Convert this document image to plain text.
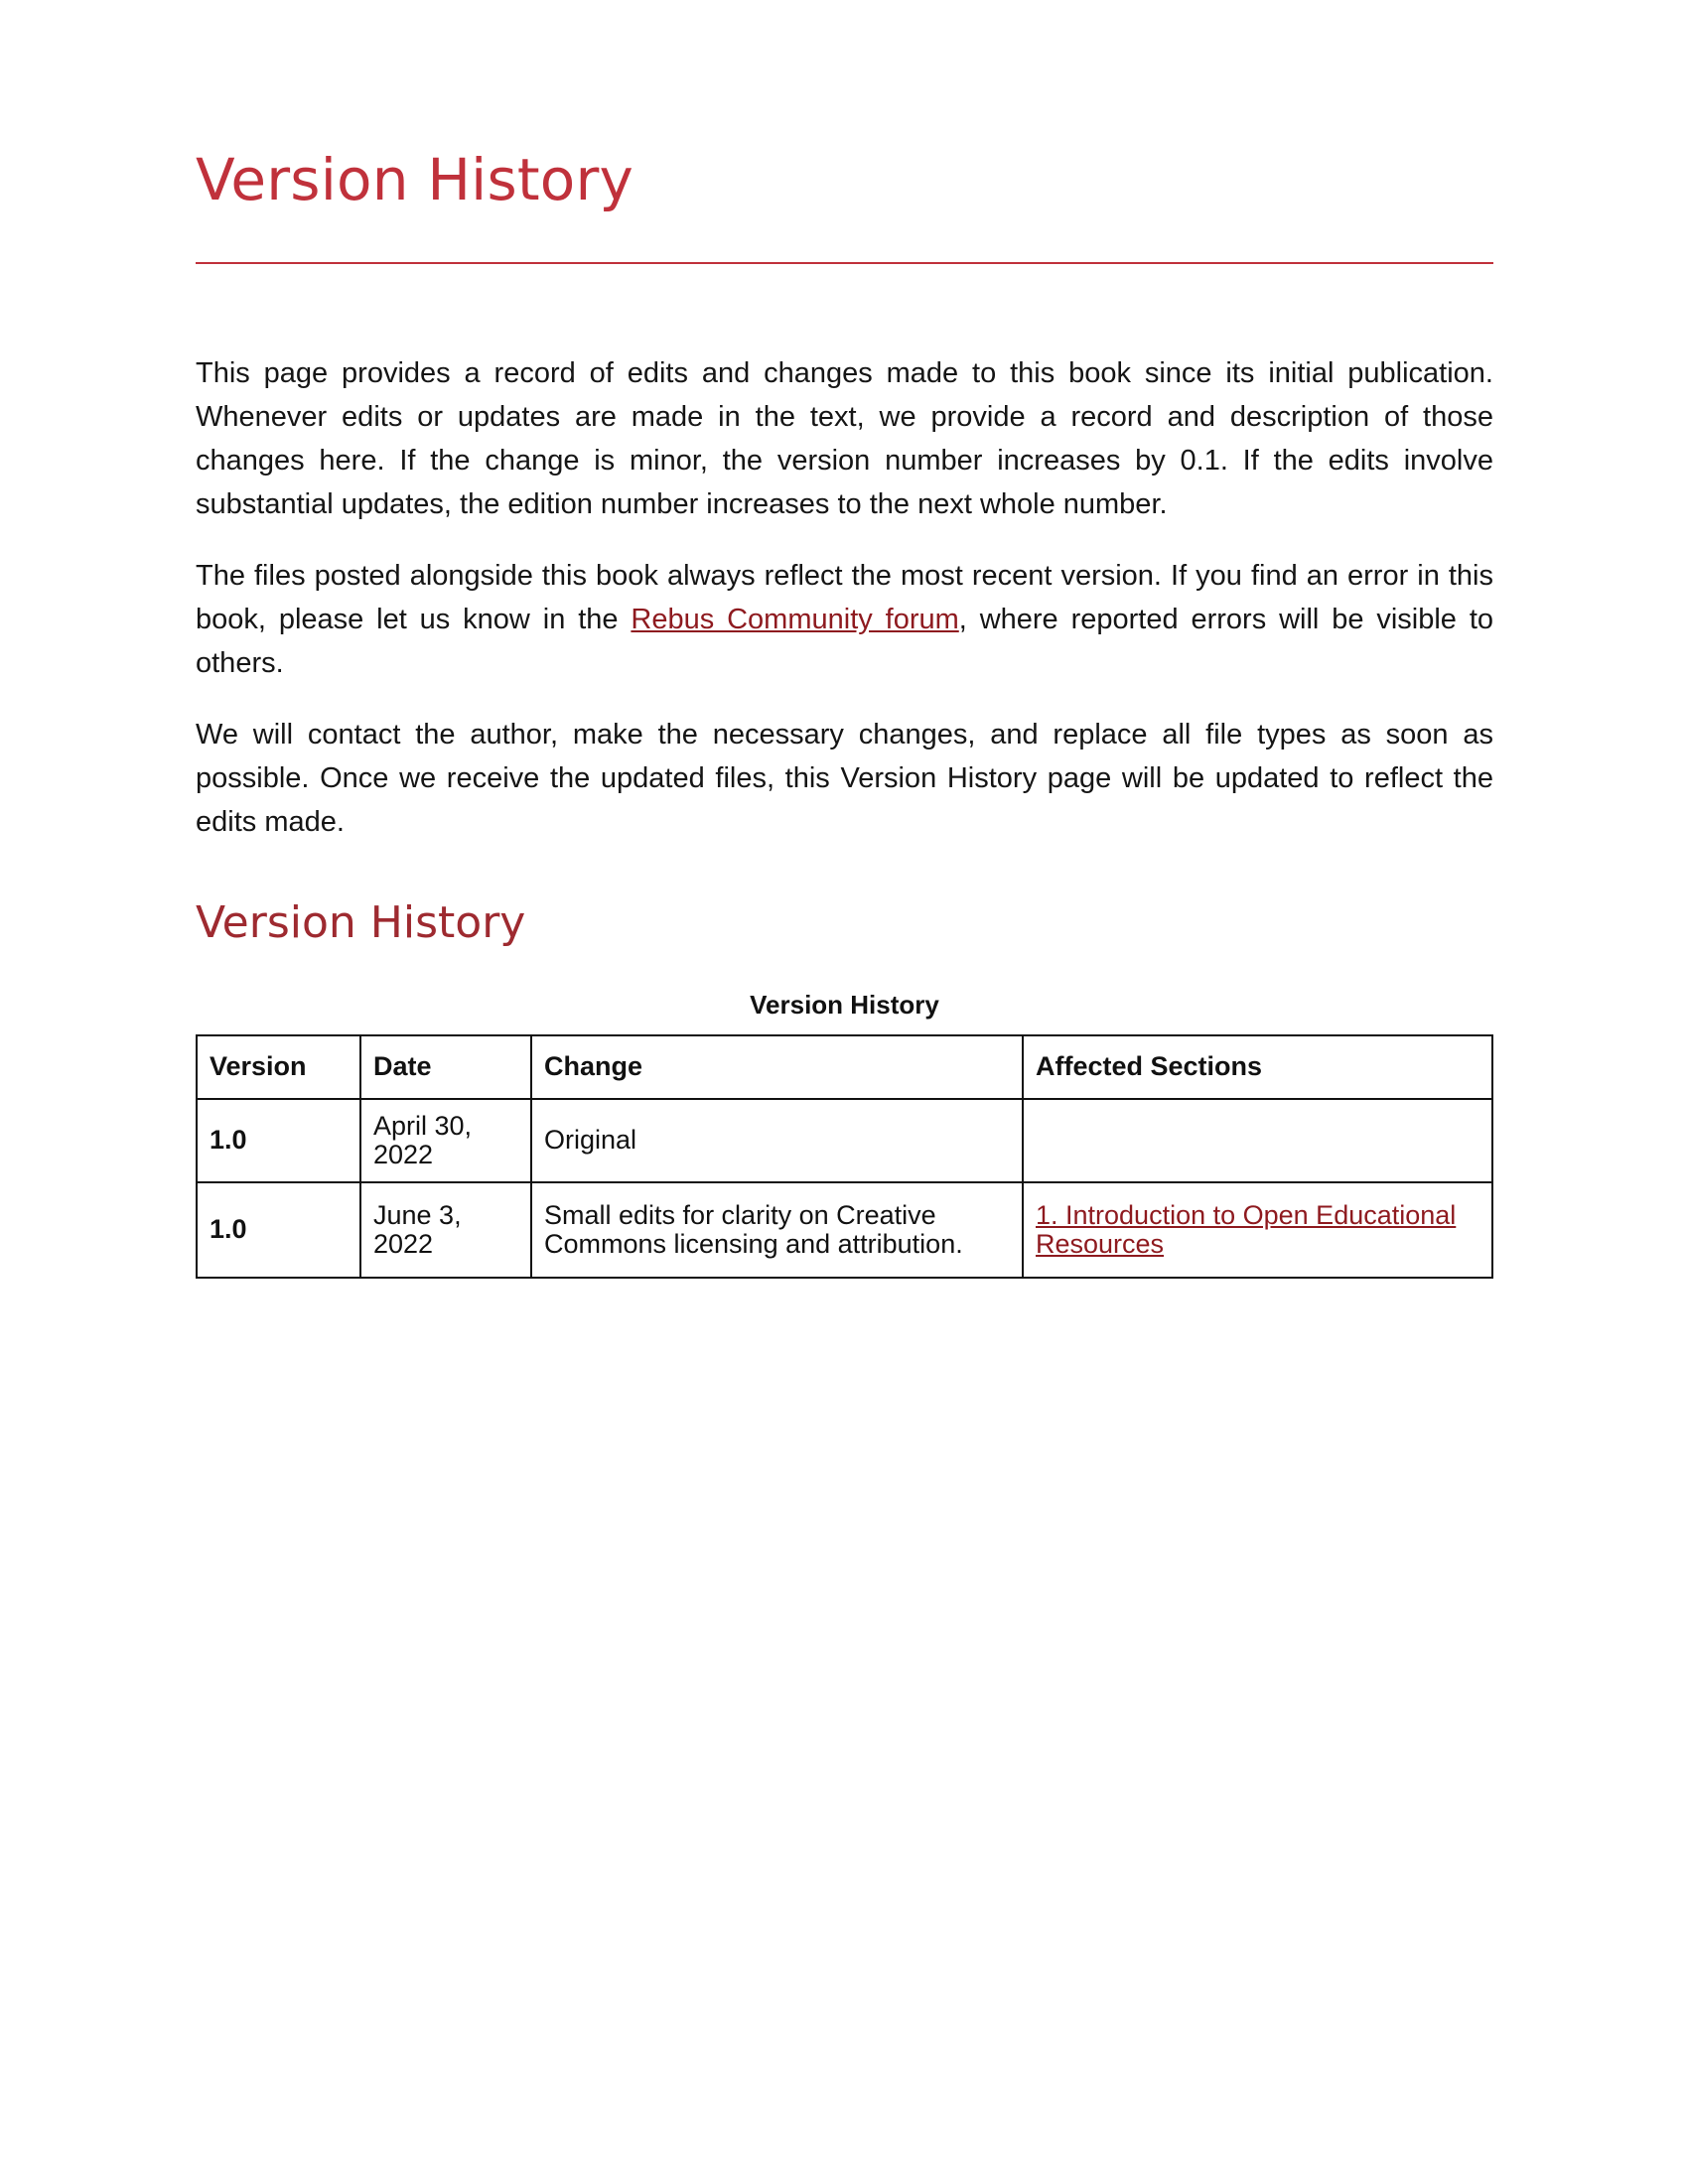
Version History

This page provides a record of edits and changes made to this book since its initial publication. Whenever edits or updates are made in the text, we provide a record and description of those changes here. If the change is minor, the version number increases by 0.1. If the edits involve substantial updates, the edition number increases to the next whole number.

The files posted alongside this book always reflect the most recent version. If you find an error in this book, please let us know in the Rebus Community forum, where reported errors will be visible to others.

We will contact the author, make the necessary changes, and replace all file types as soon as possible. Once we receive the updated files, this Version History page will be updated to reflect the edits made.

Version History
Version History
Version	Date	Change	Affected Sections
1.0	April 30, 2022	Original	
1.0	June 3, 2022	Small edits for clarity on Creative Commons licensing and attribution.	1. Introduction to Open Educational Resources
